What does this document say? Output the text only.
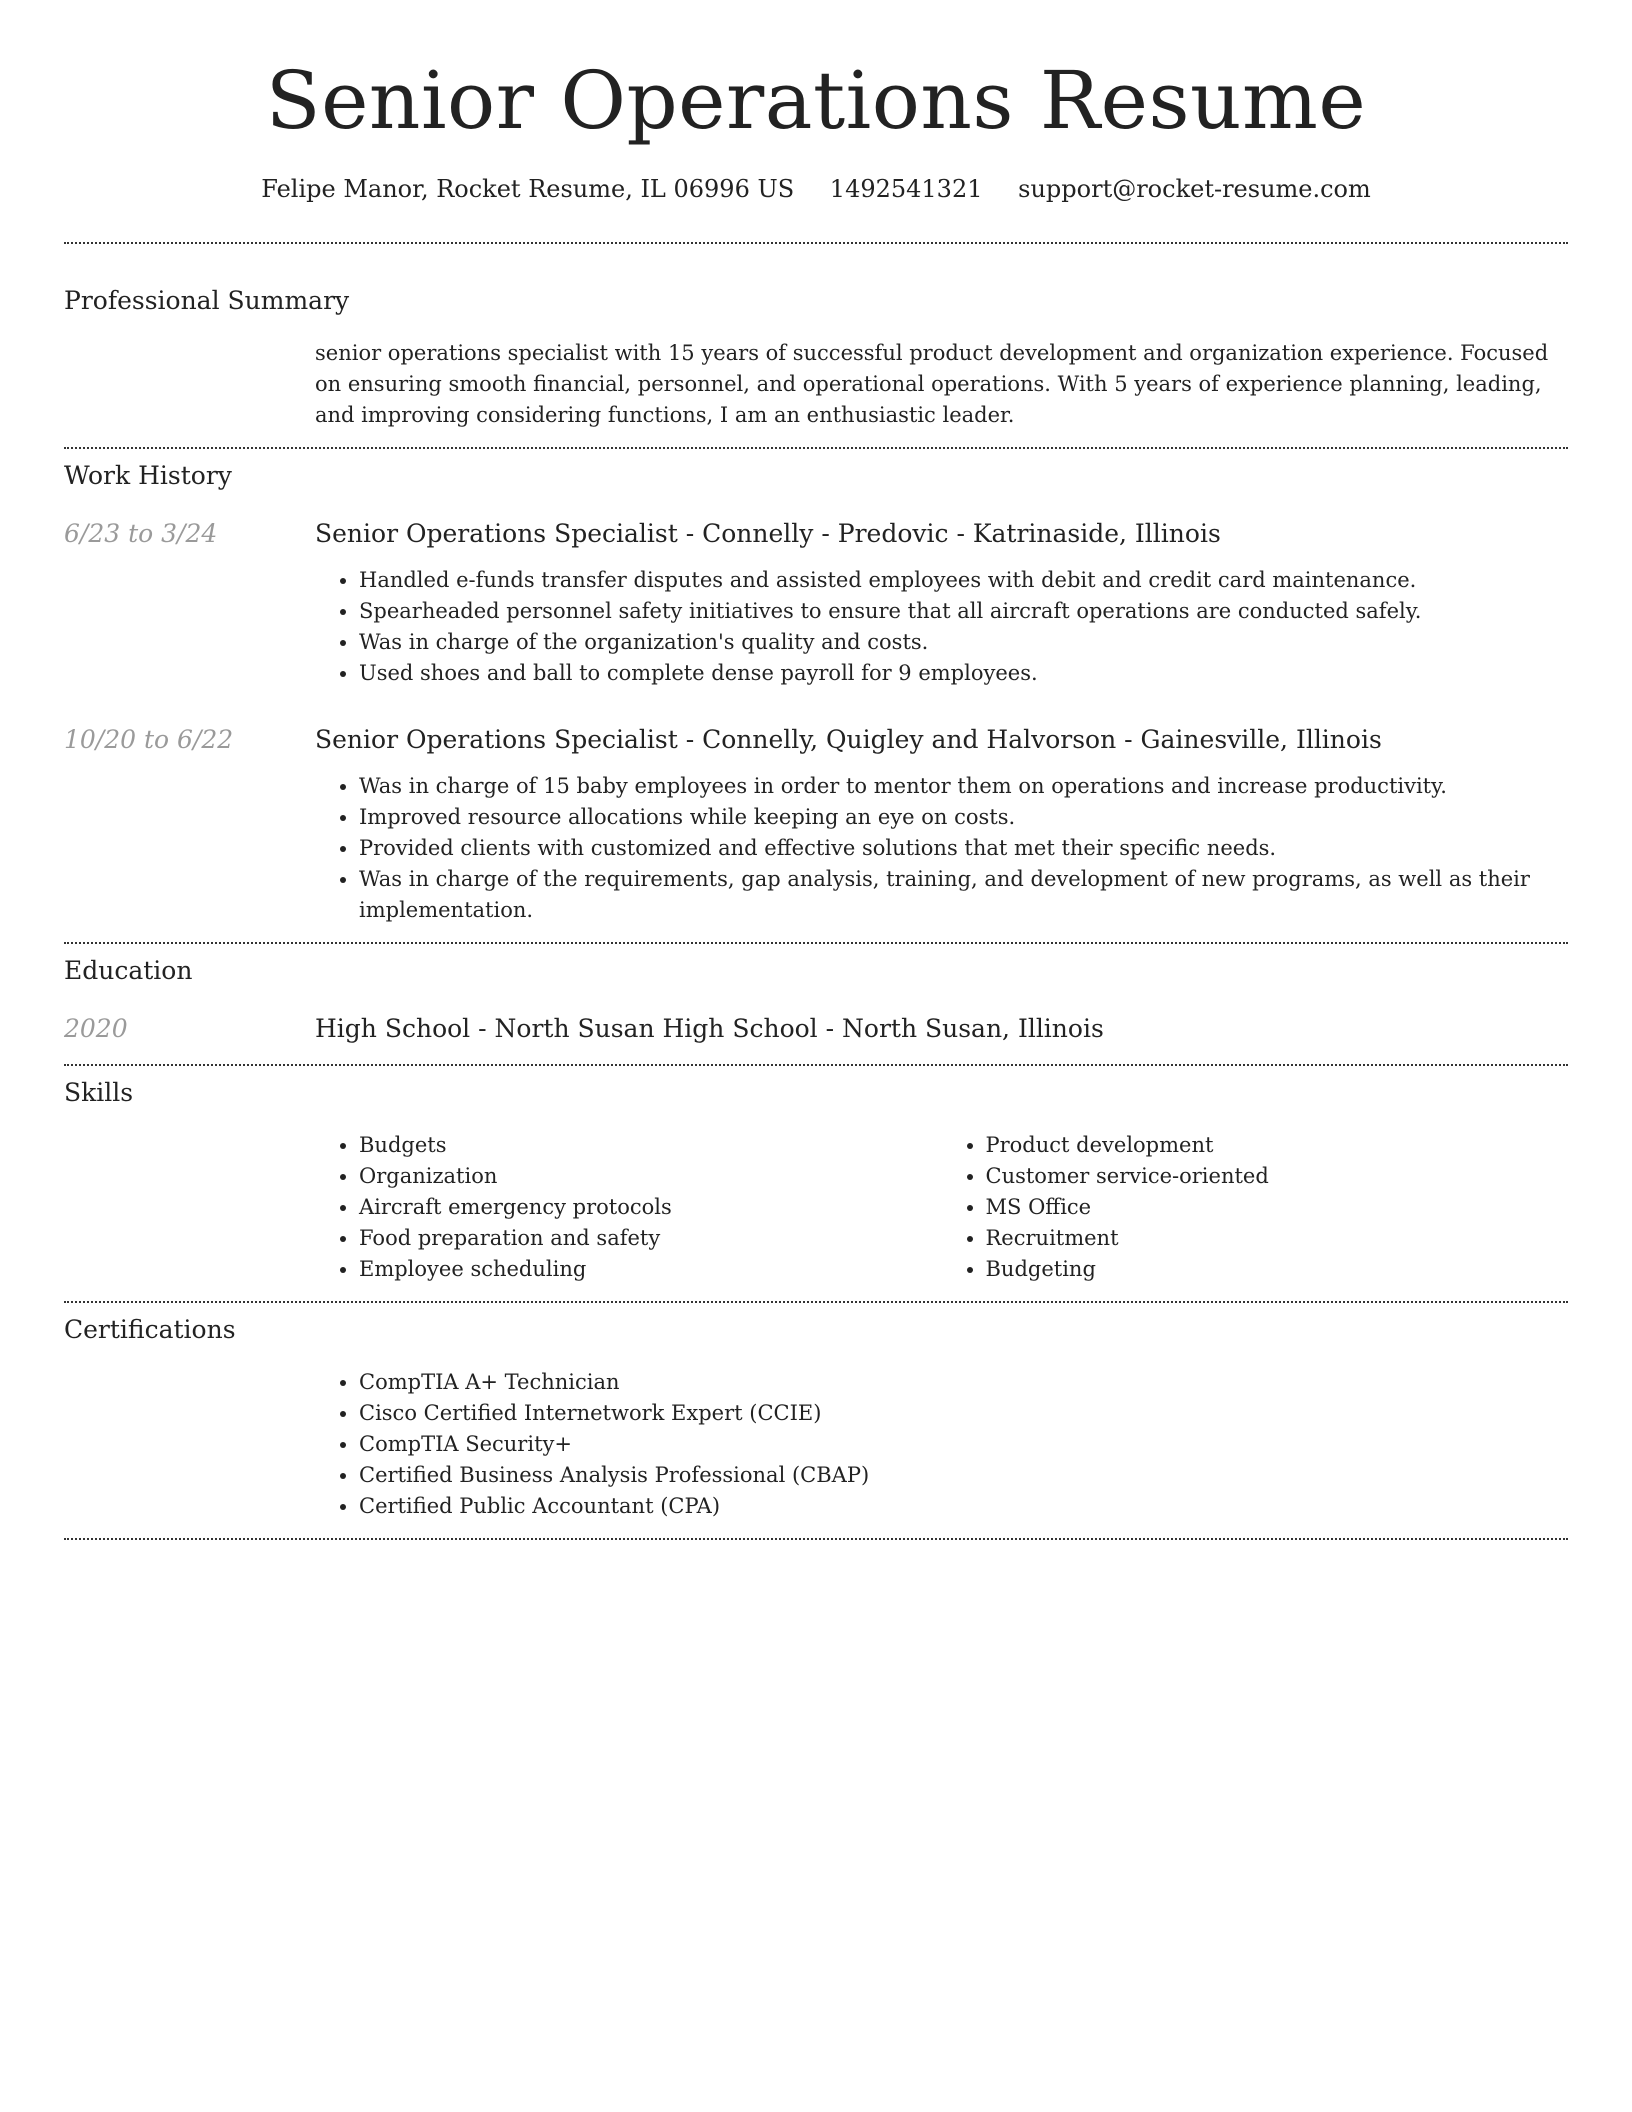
Senior Operations Resume
Felipe Manor, Rocket Resume, IL 06996 US 1492541321 support@rocket-resume.com
Professional Summary

senior operations specialist with 15 years of successful product development and organization experience. Focused on ensuring smooth financial, personnel, and operational operations. With 5 years of experience planning, leading, and improving considering functions, I am an enthusiastic leader.

Work History
6/23 to 3/24	Senior Operations Specialist - Connelly - Predovic - Katrinaside, Illinois
• Handled e-funds transfer disputes and assisted employees with debit and credit card maintenance.
• Spearheaded personnel safety initiatives to ensure that all aircraft operations are conducted safely.
• Was in charge of the organization's quality and costs.
• Used shoes and ball to complete dense payroll for 9 employees.
10/20 to 6/22	Senior Operations Specialist - Connelly, Quigley and Halvorson - Gainesville, Illinois
• Was in charge of 15 baby employees in order to mentor them on operations and increase productivity.
• Improved resource allocations while keeping an eye on costs.
• Provided clients with customized and effective solutions that met their specific needs.
• Was in charge of the requirements, gap analysis, training, and development of new programs, as well as their implementation.
Education
2020	High School - North Susan High School - North Susan, Illinois
Skills
• Budgets
• Organization
• Aircraft emergency protocols
• Food preparation and safety
• Employee scheduling
• Product development
• Customer service-oriented
• MS Office
• Recruitment
• Budgeting
Certifications
• CompTIA A+ Technician
• Cisco Certified Internetwork Expert (CCIE)
• CompTIA Security+
• Certified Business Analysis Professional (CBAP)
• Certified Public Accountant (CPA)
